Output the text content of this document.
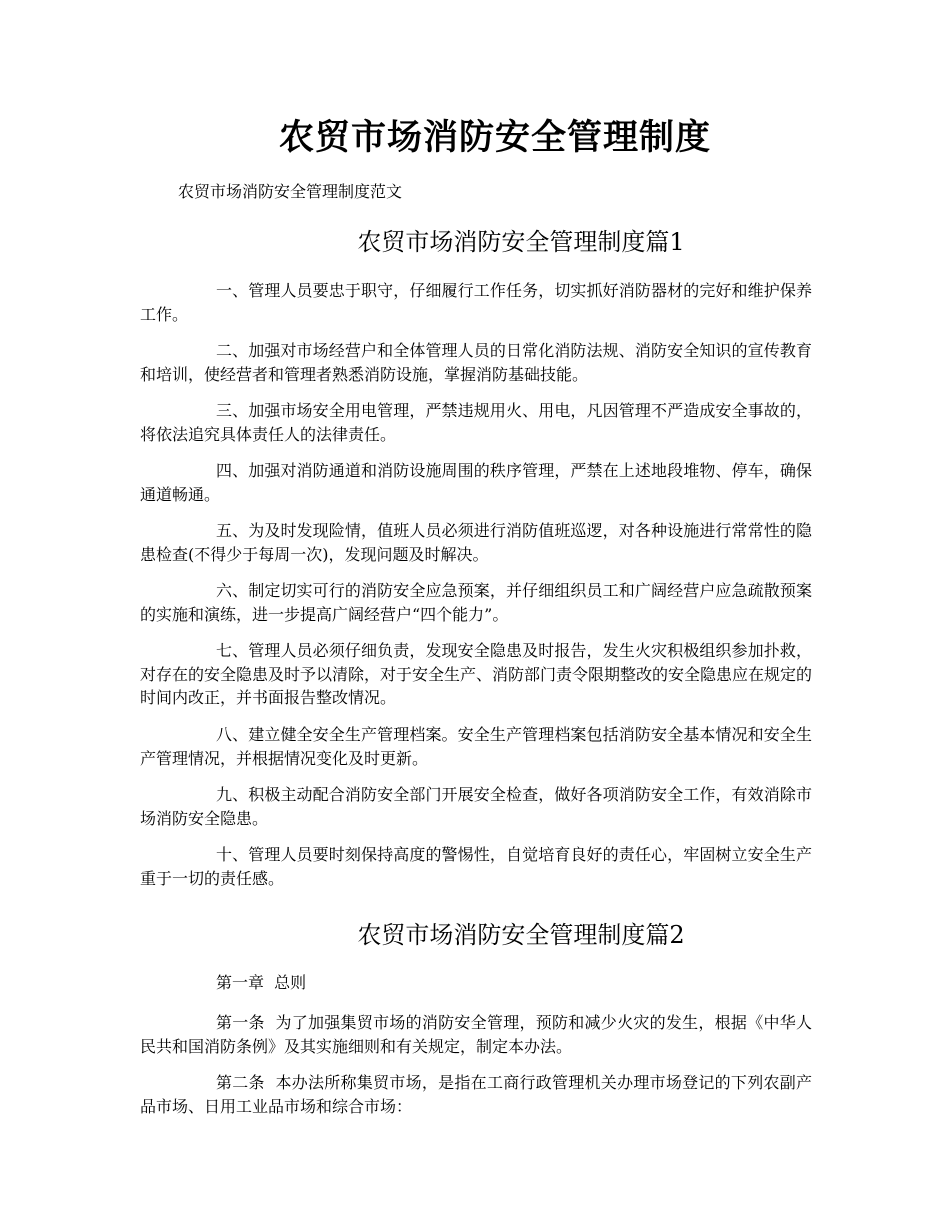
农贸市场消防安全管理制度
农贸市场消防安全管理制度范文
农贸市场消防安全管理制度篇1
一、管理人员要忠于职守，仔细履行工作任务，切实抓好消防器材的完好和维护保养工作。
二、加强对市场经营户和全体管理人员的日常化消防法规、消防安全知识的宣传教育和培训，使经营者和管理者熟悉消防设施，掌握消防基础技能。
三、加强市场安全用电管理，严禁违规用火、用电，凡因管理不严造成安全事故的，将依法追究具体责任人的法律责任。
四、加强对消防通道和消防设施周围的秩序管理，严禁在上述地段堆物、停车，确保通道畅通。
五、为及时发现险情，值班人员必须进行消防值班巡逻，对各种设施进行常常性的隐患检查(不得少于每周一次)，发现问题及时解决。
六、制定切实可行的消防安全应急预案，并仔细组织员工和广阔经营户应急疏散预案的实施和演练，进一步提高广阔经营户“四个能力”。
七、管理人员必须仔细负责，发现安全隐患及时报告，发生火灾积极组织参加扑救，对存在的安全隐患及时予以清除，对于安全生产、消防部门责令限期整改的安全隐患应在规定的时间内改正，并书面报告整改情况。
八、建立健全安全生产管理档案。安全生产管理档案包括消防安全基本情况和安全生产管理情况，并根据情况变化及时更新。
九、积极主动配合消防安全部门开展安全检查，做好各项消防安全工作，有效消除市场消防安全隐患。
十、管理人员要时刻保持高度的警惕性，自觉培育良好的责任心，牢固树立安全生产重于一切的责任感。
农贸市场消防安全管理制度篇2
第一章  总则
第一条  为了加强集贸市场的消防安全管理，预防和减少火灾的发生，根据《中华人民共和国消防条例》及其实施细则和有关规定，制定本办法。
第二条  本办法所称集贸市场，是指在工商行政管理机关办理市场登记的下列农副产品市场、日用工业品市场和综合市场：
